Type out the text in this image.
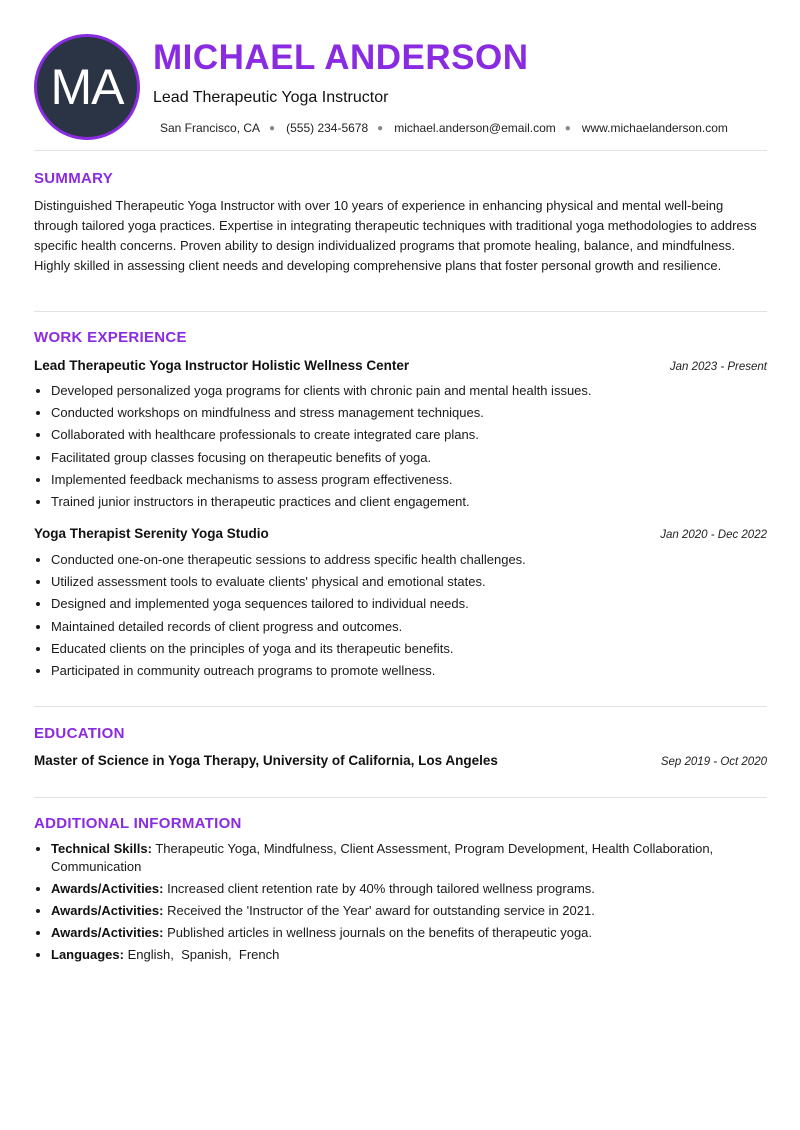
MA
MICHAEL ANDERSON
Lead Therapeutic Yoga Instructor
San Francisco, CA ● (555) 234-5678 ● michael.anderson@email.com ● www.michaelanderson.com
SUMMARY

Distinguished Therapeutic Yoga Instructor with over 10 years of experience in enhancing physical and mental well-being through tailored yoga practices. Expertise in integrating therapeutic techniques with traditional yoga methodologies to address specific health concerns. Proven ability to design individualized programs that promote healing, balance, and mindfulness. Highly skilled in assessing client needs and developing comprehensive plans that foster personal growth and resilience.

WORK EXPERIENCE
Lead Therapeutic Yoga Instructor Holistic Wellness Center	Jan 2023 - Present
• Developed personalized yoga programs for clients with chronic pain and mental health issues.
• Conducted workshops on mindfulness and stress management techniques.
• Collaborated with healthcare professionals to create integrated care plans.
• Facilitated group classes focusing on therapeutic benefits of yoga.
• Implemented feedback mechanisms to assess program effectiveness.
• Trained junior instructors in therapeutic practices and client engagement.
Yoga Therapist Serenity Yoga Studio	Jan 2020 - Dec 2022
• Conducted one-on-one therapeutic sessions to address specific health challenges.
• Utilized assessment tools to evaluate clients' physical and emotional states.
• Designed and implemented yoga sequences tailored to individual needs.
• Maintained detailed records of client progress and outcomes.
• Educated clients on the principles of yoga and its therapeutic benefits.
• Participated in community outreach programs to promote wellness.
EDUCATION
Master of Science in Yoga Therapy, University of California, Los Angeles	Sep 2019 - Oct 2020
ADDITIONAL INFORMATION
• Technical Skills: Therapeutic Yoga, Mindfulness, Client Assessment, Program Development, Health Collaboration, Communication
• Awards/Activities: Increased client retention rate by 40% through tailored wellness programs.
• Awards/Activities: Received the 'Instructor of the Year' award for outstanding service in 2021.
• Awards/Activities: Published articles in wellness journals on the benefits of therapeutic yoga.
• Languages: English,  Spanish,  French
